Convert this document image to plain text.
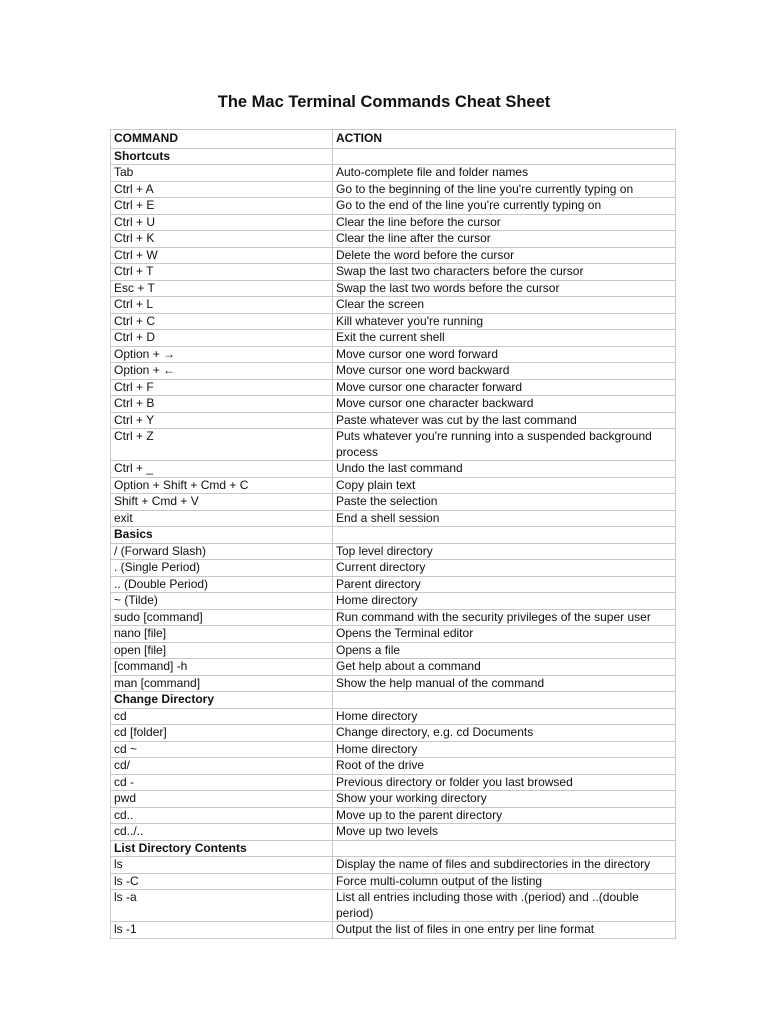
The Mac Terminal Commands Cheat Sheet
COMMAND	ACTION
Shortcuts	
Tab	Auto-complete file and folder names
Ctrl + A	Go to the beginning of the line you're currently typing on
Ctrl + E	Go to the end of the line you're currently typing on
Ctrl + U	Clear the line before the cursor
Ctrl + K	Clear the line after the cursor
Ctrl + W	Delete the word before the cursor
Ctrl + T	Swap the last two characters before the cursor
Esc + T	Swap the last two words before the cursor
Ctrl + L	Clear the screen
Ctrl + C	Kill whatever you're running
Ctrl + D	Exit the current shell
Option + →	Move cursor one word forward
Option + ←	Move cursor one word backward
Ctrl + F	Move cursor one character forward
Ctrl + B	Move cursor one character backward
Ctrl + Y	Paste whatever was cut by the last command
Ctrl + Z	Puts whatever you're running into a suspended background process
Ctrl + _	Undo the last command
Option + Shift + Cmd + C	Copy plain text
Shift + Cmd + V	Paste the selection
exit	End a shell session
Basics	
/ (Forward Slash)	Top level directory
. (Single Period)	Current directory
.. (Double Period)	Parent directory
~ (Tilde)	Home directory
sudo [command]	Run command with the security privileges of the super user
nano [file]	Opens the Terminal editor
open [file]	Opens a file
[command] -h	Get help about a command
man [command]	Show the help manual of the command
Change Directory	
cd	Home directory
cd [folder]	Change directory, e.g. cd Documents
cd ~	Home directory
cd/	Root of the drive
cd -	Previous directory or folder you last browsed
pwd	Show your working directory
cd..	Move up to the parent directory
cd../..	Move up two levels
List Directory Contents	
ls	Display the name of files and subdirectories in the directory
ls -C	Force multi-column output of the listing
ls -a	List all entries including those with .(period) and ..(double period)
ls -1	Output the list of files in one entry per line format
